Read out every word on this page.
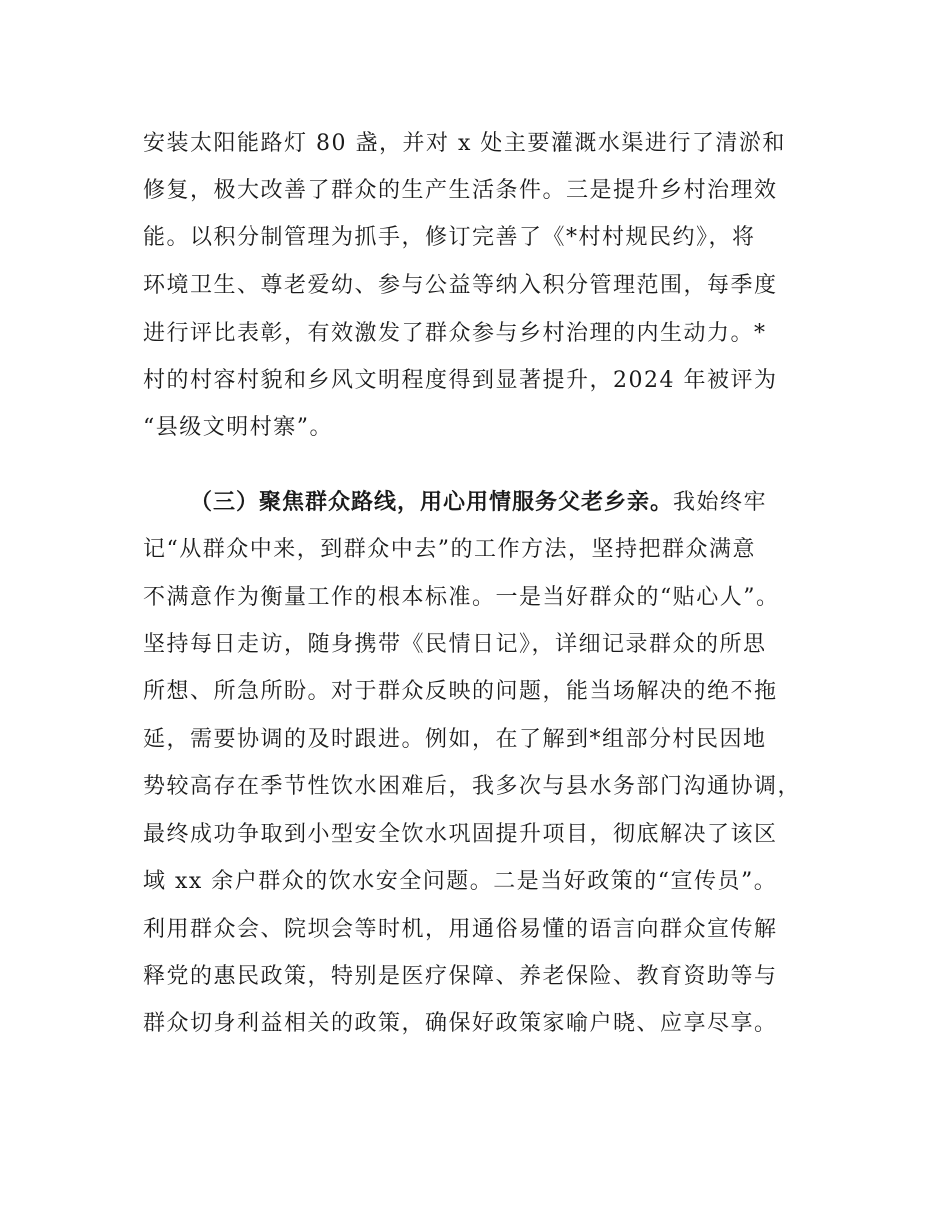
安装太阳能路灯 80 盏，并对 x 处主要灌溉水渠进行了清淤和
修复，极大改善了群众的生产生活条件。三是提升乡村治理效
能。以积分制管理为抓手，修订完善了《*村村规民约》，将
环境卫生、尊老爱幼、参与公益等纳入积分管理范围，每季度
进行评比表彰，有效激发了群众参与乡村治理的内生动力。*
村的村容村貌和乡风文明程度得到显著提升，2024 年被评为
“县级文明村寨”。
（三）聚焦群众路线，用心用情服务父老乡亲。我始终牢
记“从群众中来，到群众中去”的工作方法，坚持把群众满意
不满意作为衡量工作的根本标准。一是当好群众的“贴心人”。
坚持每日走访，随身携带《民情日记》，详细记录群众的所思
所想、所急所盼。对于群众反映的问题，能当场解决的绝不拖
延，需要协调的及时跟进。例如，在了解到*组部分村民因地
势较高存在季节性饮水困难后，我多次与县水务部门沟通协调，
最终成功争取到小型安全饮水巩固提升项目，彻底解决了该区
域 xx 余户群众的饮水安全问题。二是当好政策的“宣传员”。
利用群众会、院坝会等时机，用通俗易懂的语言向群众宣传解
释党的惠民政策，特别是医疗保障、养老保险、教育资助等与
群众切身利益相关的政策，确保好政策家喻户晓、应享尽享。
